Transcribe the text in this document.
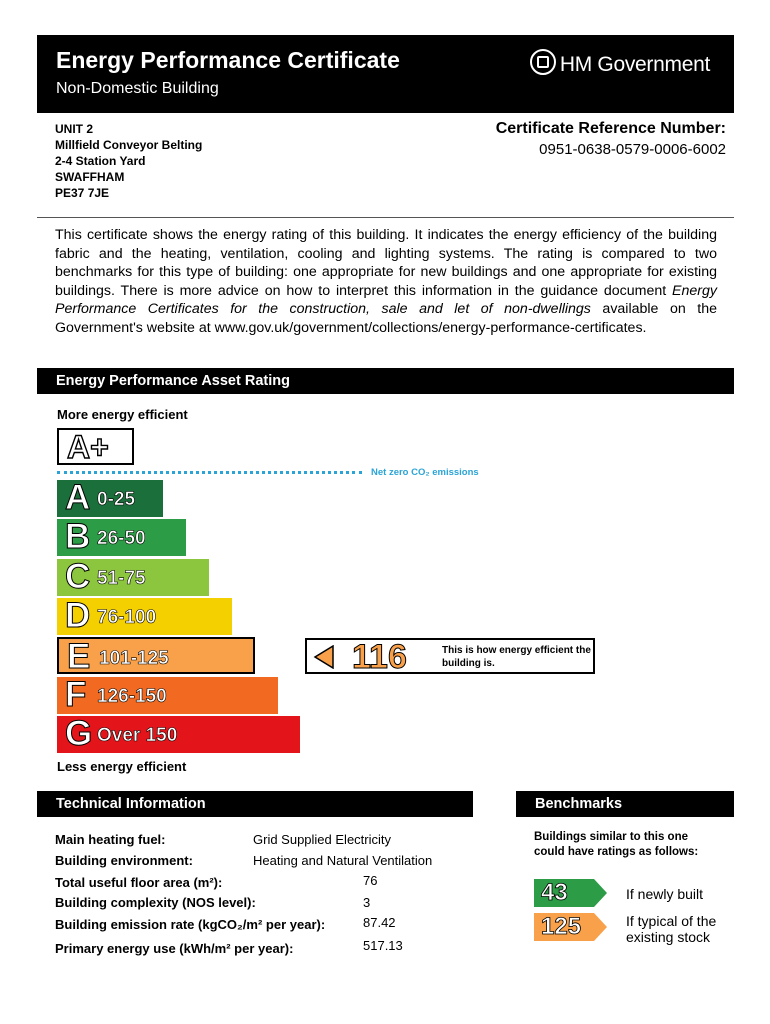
Energy Performance Certificate
Non-Domestic Building
HM Government
UNIT 2
Millfield Conveyor Belting
2-4 Station Yard
SWAFFHAM
PE37 7JE
Certificate Reference Number:
0951-0638-0579-0006-6002
This certificate shows the energy rating of this building. It indicates the energy efficiency of the building fabric and the heating, ventilation, cooling and lighting systems. The rating is compared to two benchmarks for this type of building: one appropriate for new buildings and one appropriate for existing buildings. There is more advice on how to interpret this information in the guidance document Energy Performance Certificates for the construction, sale and let of non-dwellings available on the Government's website at www.gov.uk/government/collections/energy-performance-certificates.
Energy Performance Asset Rating
More energy efficient
A+
Net zero CO₂ emissions
A 0-25
B 26-50
C 51-75
D 76-100
E 101-125
F 126-150
G Over 150
116	This is how energy efficient the building is.
Less energy efficient
Technical Information
Main heating fuel:	Grid Supplied Electricity
Building environment:	Heating and Natural Ventilation
Total useful floor area (m²):	76
Building complexity (NOS level):	3
Building emission rate (kgCO₂/m² per year):	87.42
Primary energy use (kWh/m² per year):	517.13
Benchmarks
Buildings similar to this one could have ratings as follows:
43	If newly built
125	If typical of the existing stock
